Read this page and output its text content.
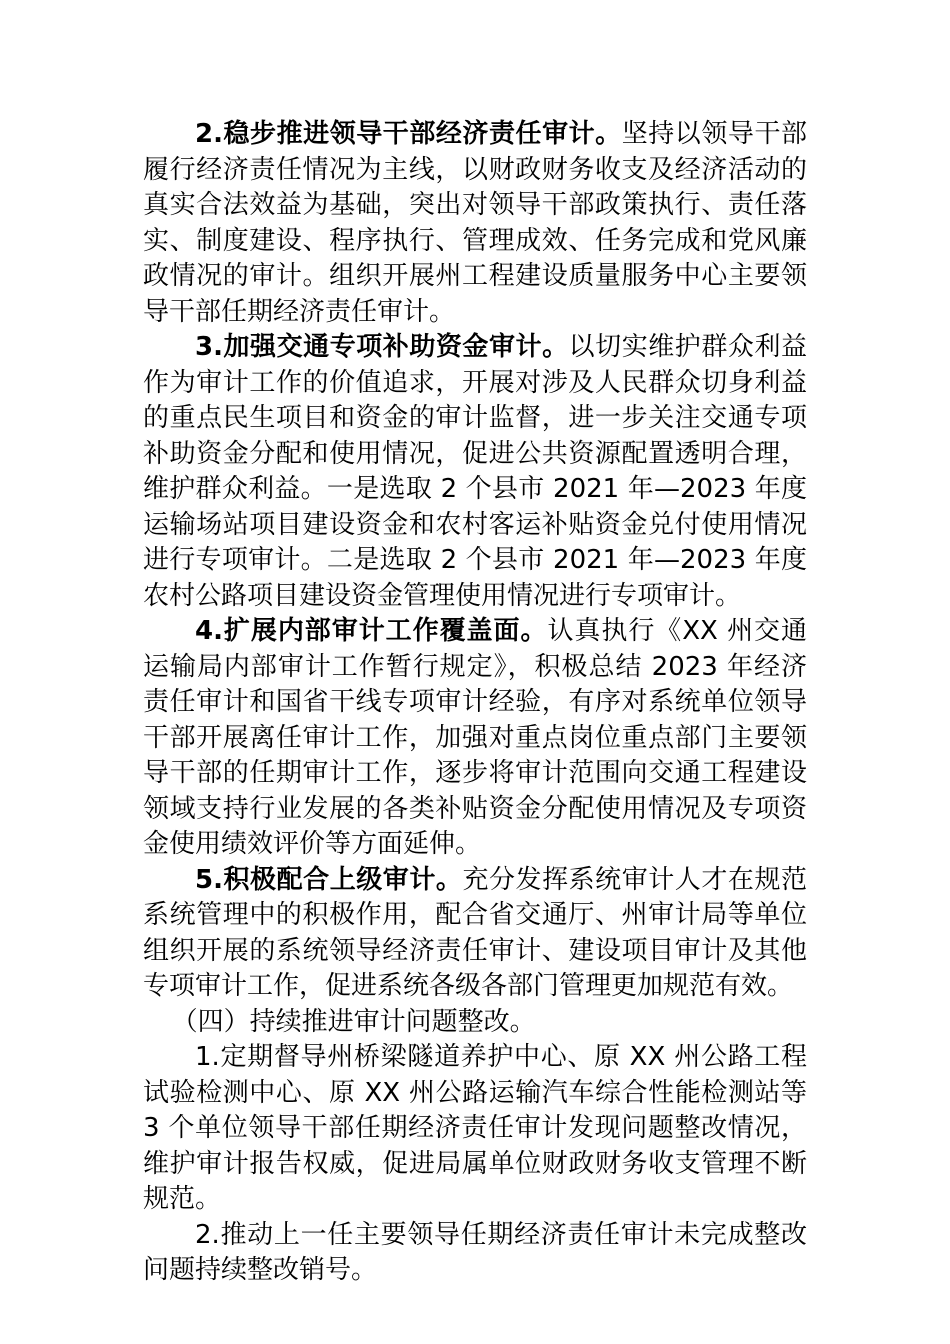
2.稳步推进领导干部经济责任审计。坚持以领导干部履行经济责任情况为主线，以财政财务收支及经济活动的真实合法效益为基础，突出对领导干部政策执行、责任落实、制度建设、程序执行、管理成效、任务完成和党风廉政情况的审计。组织开展州工程建设质量服务中心主要领导干部任期经济责任审计。

3.加强交通专项补助资金审计。以切实维护群众利益作为审计工作的价值追求，开展对涉及人民群众切身利益的重点民生项目和资金的审计监督，进一步关注交通专项补助资金分配和使用情况，促进公共资源配置透明合理，维护群众利益。一是选取 2 个县市 2021 年—2023 年度运输场站项目建设资金和农村客运补贴资金兑付使用情况进行专项审计。二是选取 2 个县市 2021 年—2023 年度农村公路项目建设资金管理使用情况进行专项审计。

4.扩展内部审计工作覆盖面。认真执行《XX 州交通运输局内部审计工作暂行规定》，积极总结 2023 年经济责任审计和国省干线专项审计经验，有序对系统单位领导干部开展离任审计工作，加强对重点岗位重点部门主要领导干部的任期审计工作，逐步将审计范围向交通工程建设领域支持行业发展的各类补贴资金分配使用情况及专项资金使用绩效评价等方面延伸。

5.积极配合上级审计。充分发挥系统审计人才在规范系统管理中的积极作用，配合省交通厅、州审计局等单位组织开展的系统领导经济责任审计、建设项目审计及其他专项审计工作，促进系统各级各部门管理更加规范有效。

（四）持续推进审计问题整改。

1.定期督导州桥梁隧道养护中心、原 XX 州公路工程试验检测中心、原 XX 州公路运输汽车综合性能检测站等 3 个单位领导干部任期经济责任审计发现问题整改情况，维护审计报告权威，促进局属单位财政财务收支管理不断规范。

2.推动上一任主要领导任期经济责任审计未完成整改问题持续整改销号。
